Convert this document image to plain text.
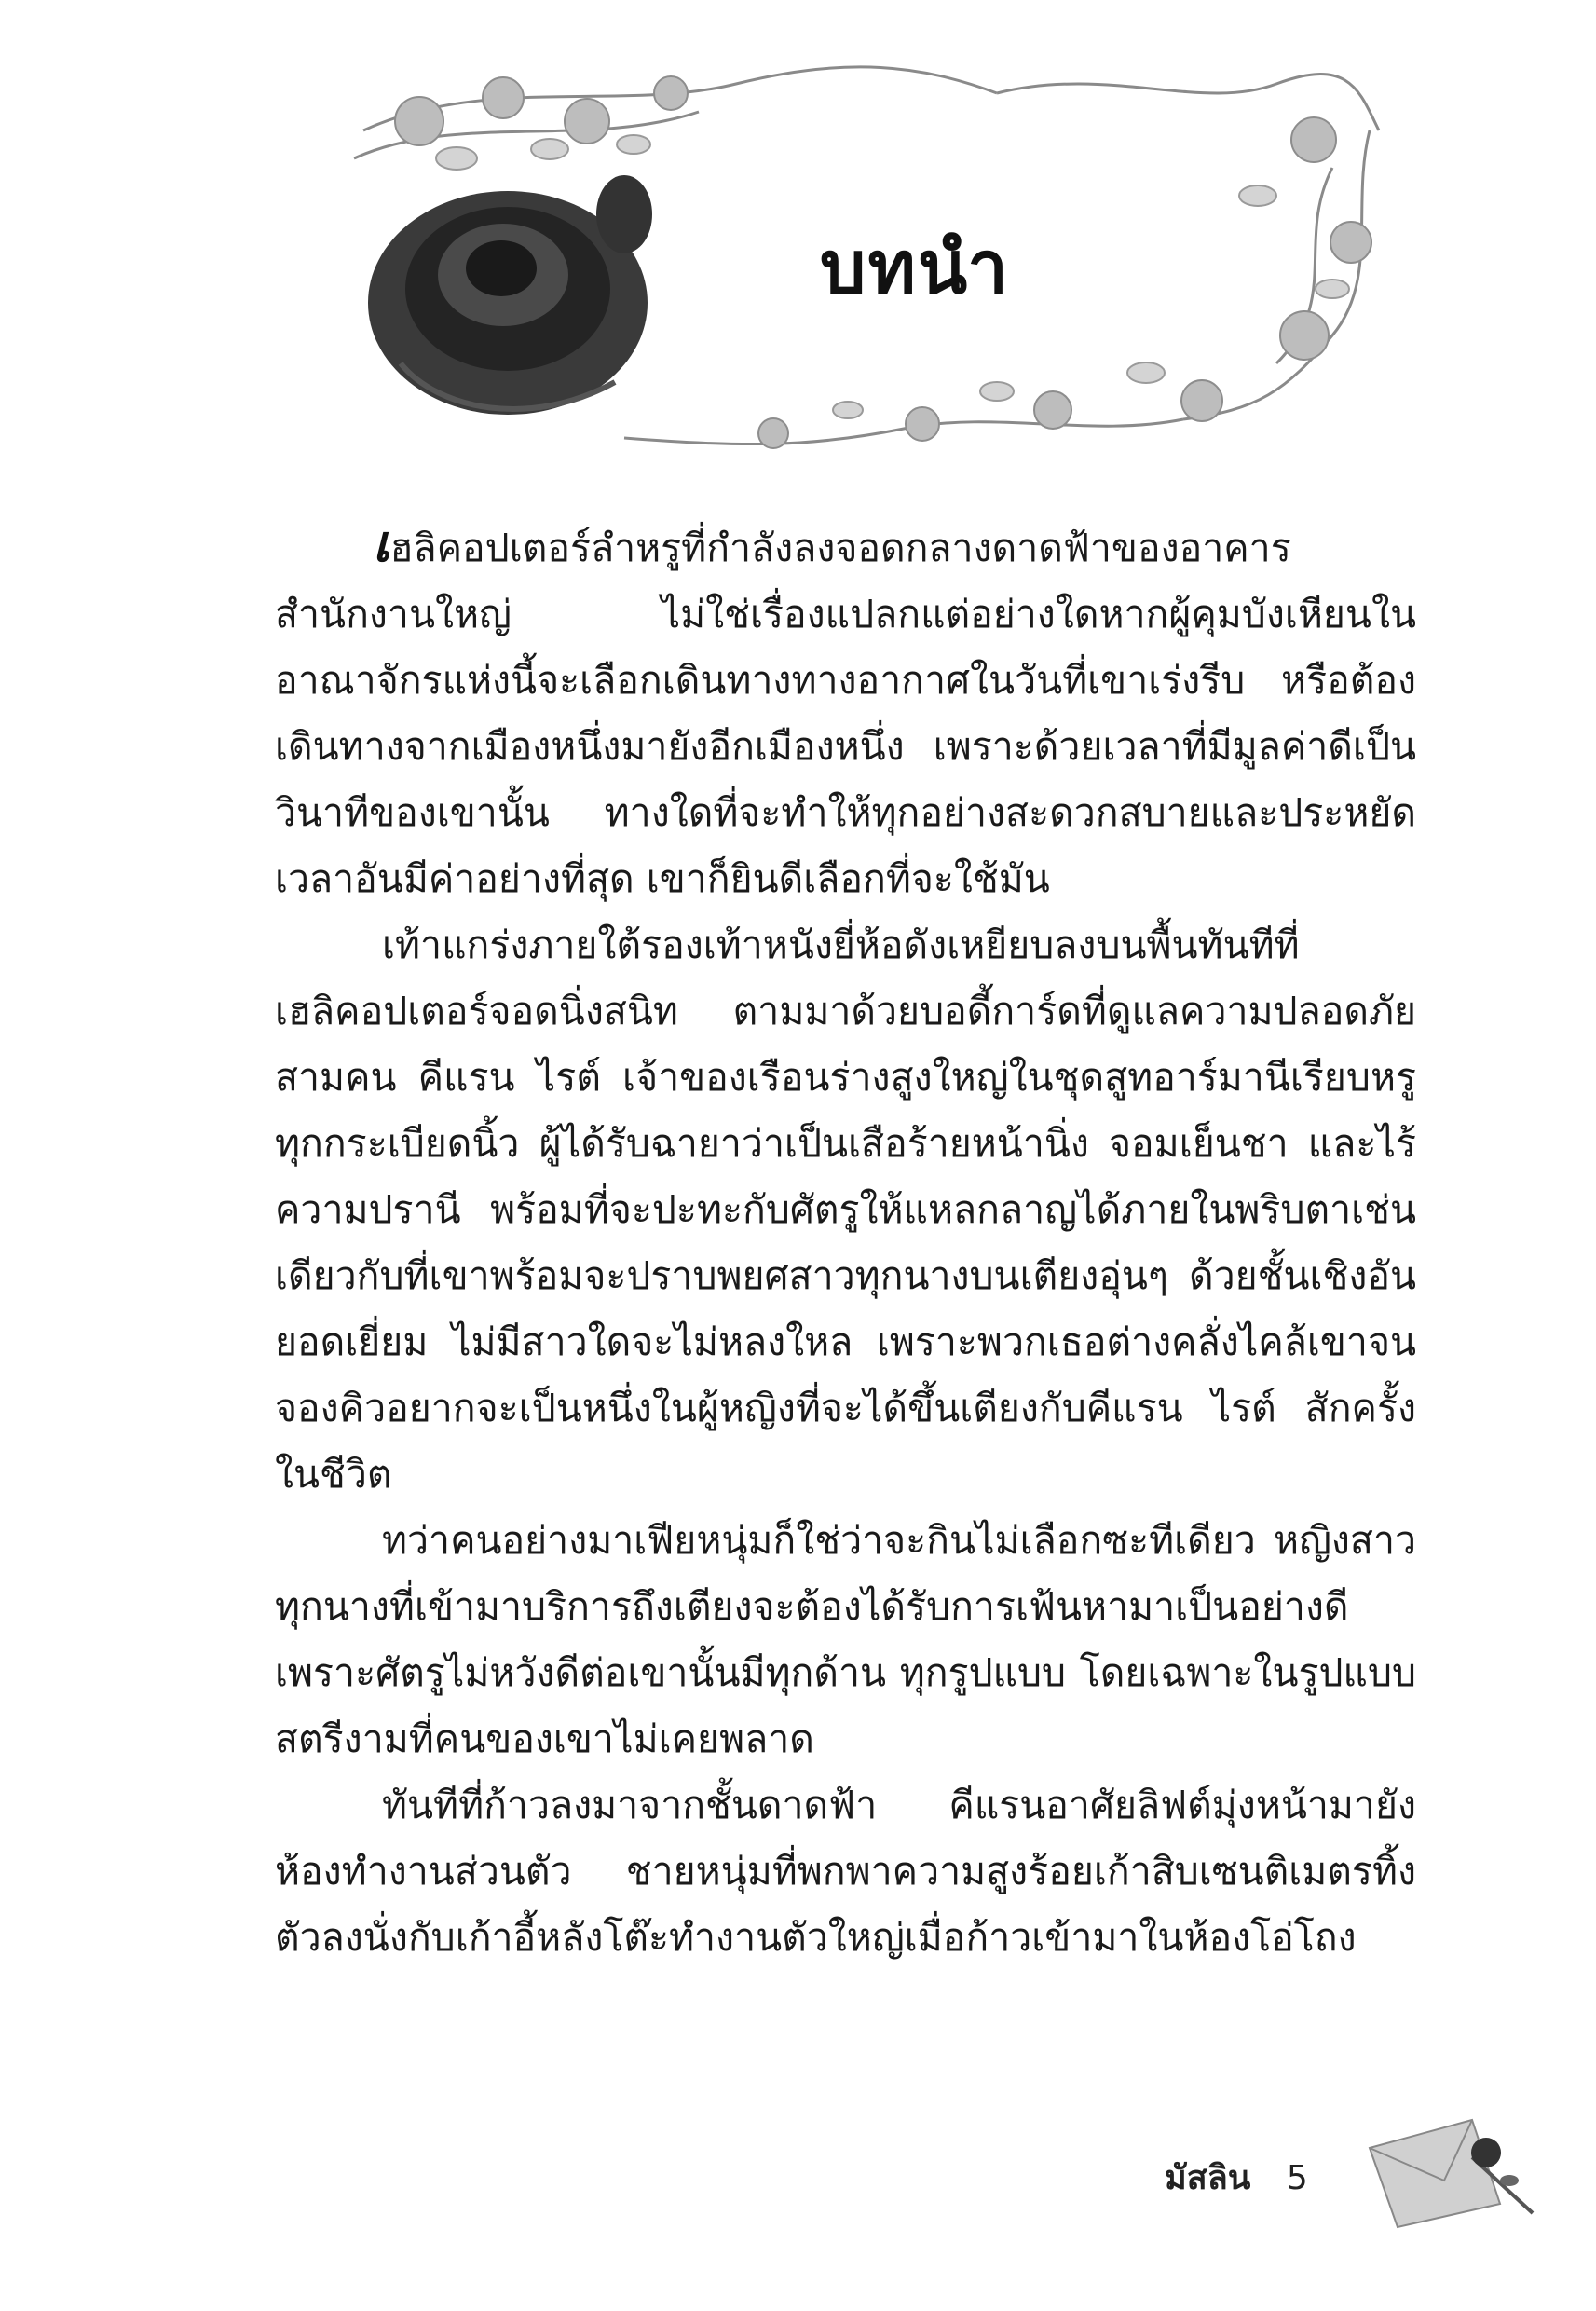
บทนำ

เฮลิคอปเตอร์ลำหรูที่กำลังลงจอดกลางดาดฟ้าของอาคารสำนักงานใหญ่ ไม่ใช่เรื่องแปลกแต่อย่างใดหากผู้คุมบังเหียนในอาณาจักรแห่งนี้จะเลือกเดินทางทางอากาศในวันที่เขาเร่งรีบ หรือต้องเดินทางจากเมืองหนึ่งมายังอีกเมืองหนึ่ง เพราะด้วยเวลาที่มีมูลค่าดีเป็นวินาทีของเขานั้น ทางใดที่จะทำให้ทุกอย่างสะดวกสบายและประหยัดเวลาอันมีค่าอย่างที่สุด เขาก็ยินดีเลือกที่จะใช้มัน

เท้าแกร่งภายใต้รองเท้าหนังยี่ห้อดังเหยียบลงบนพื้นทันทีที่เฮลิคอปเตอร์จอดนิ่งสนิท ตามมาด้วยบอดี้การ์ดที่ดูแลความปลอดภัยสามคน คีแรน ไรต์ เจ้าของเรือนร่างสูงใหญ่ในชุดสูทอาร์มานีเรียบหรูทุกกระเบียดนิ้ว ผู้ได้รับฉายาว่าเป็นเสือร้ายหน้านิ่ง จอมเย็นชา และไร้ความปรานี พร้อมที่จะปะทะกับศัตรูให้แหลกลาญได้ภายในพริบตาเช่นเดียวกับที่เขาพร้อมจะปราบพยศสาวทุกนางบนเตียงอุ่นๆ ด้วยชั้นเชิงอันยอดเยี่ยม ไม่มีสาวใดจะไม่หลงใหล เพราะพวกเธอต่างคลั่งไคล้เขาจนจองคิวอยากจะเป็นหนึ่งในผู้หญิงที่จะได้ขึ้นเตียงกับคีแรน ไรต์ สักครั้งในชีวิต

ทว่าคนอย่างมาเฟียหนุ่มก็ใช่ว่าจะกินไม่เลือกซะทีเดียว หญิงสาวทุกนางที่เข้ามาบริการถึงเตียงจะต้องได้รับการเฟ้นหามาเป็นอย่างดีเพราะศัตรูไม่หวังดีต่อเขานั้นมีทุกด้าน ทุกรูปแบบ โดยเฉพาะในรูปแบบสตรีงามที่คนของเขาไม่เคยพลาด

ทันทีที่ก้าวลงมาจากชั้นดาดฟ้า คีแรนอาศัยลิฟต์มุ่งหน้ามายังห้องทำงานส่วนตัว ชายหนุ่มที่พกพาความสูงร้อยเก้าสิบเซนติเมตรทิ้งตัวลงนั่งกับเก้าอี้หลังโต๊ะทำงานตัวใหญ่เมื่อก้าวเข้ามาในห้องโอ่โถง

มัสลิน 5
